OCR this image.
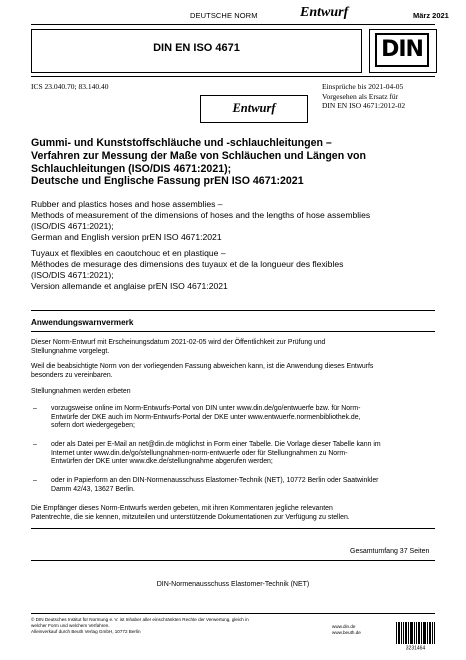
DEUTSCHE NORM	Entwurf	März 2021
DIN EN ISO 4671	DIN
ICS 23.040.70; 83.140.40	Einsprüche bis 2021-04-05
Vorgesehen als Ersatz für
DIN EN ISO 4671:2012-02
Entwurf
Gummi- und Kunststoffschläuche und -schlauchleitungen –
Verfahren zur Messung der Maße von Schläuchen und Längen von
Schlauchleitungen (ISO/DIS 4671:2021);
Deutsche und Englische Fassung prEN ISO 4671:2021
Rubber and plastics hoses and hose assemblies –
Methods of measurement of the dimensions of hoses and the lengths of hose assemblies
(ISO/DIS 4671:2021);
German and English version prEN ISO 4671:2021
Tuyaux et flexibles en caoutchouc et en plastique –
Méthodes de mesurage des dimensions des tuyaux et de la longueur des flexibles
(ISO/DIS 4671:2021);
Version allemande et anglaise prEN ISO 4671:2021
Anwendungswarnvermerk
Dieser Norm-Entwurf mit Erscheinungsdatum 2021-02-05 wird der Öffentlichkeit zur Prüfung und
Stellungnahme vorgelegt.
Weil die beabsichtigte Norm von der vorliegenden Fassung abweichen kann, ist die Anwendung dieses Entwurfs
besonders zu vereinbaren.
Stellungnahmen werden erbeten
– vorzugsweise online im Norm-Entwurfs-Portal von DIN unter www.din.de/go/entwuerfe bzw. für Norm-
Entwürfe der DKE auch im Norm-Entwurfs-Portal der DKE unter www.entwuerfe.normenbibliothek.de,
sofern dort wiedergegeben;
– oder als Datei per E-Mail an net@din.de möglichst in Form einer Tabelle. Die Vorlage dieser Tabelle kann im
Internet unter www.din.de/go/stellungnahmen-norm-entwuerfe oder für Stellungnahmen zu Norm-
Entwürfen der DKE unter www.dke.de/stellungnahme abgerufen werden;
– oder in Papierform an den DIN-Normenausschuss Elastomer-Technik (NET), 10772 Berlin oder Saatwinkler
Damm 42/43, 13627 Berlin.
Die Empfänger dieses Norm-Entwurfs werden gebeten, mit ihren Kommentaren jegliche relevanten
Patentrechte, die sie kennen, mitzuteilen und unterstützende Dokumentationen zur Verfügung zu stellen.
Gesamtumfang 37 Seiten
DIN-Normenausschuss Elastomer-Technik (NET)
© DIN Deutsches Institut für Normung e. V. ist Inhaber aller einschränkten Rechte der Verwertung, gleich in
welcher Form und welchem Verfahren.
Alleinverkauf durch Beuth Verlag GmbH, 10772 Berlin
www.din.de
www.beuth.de
3231464
